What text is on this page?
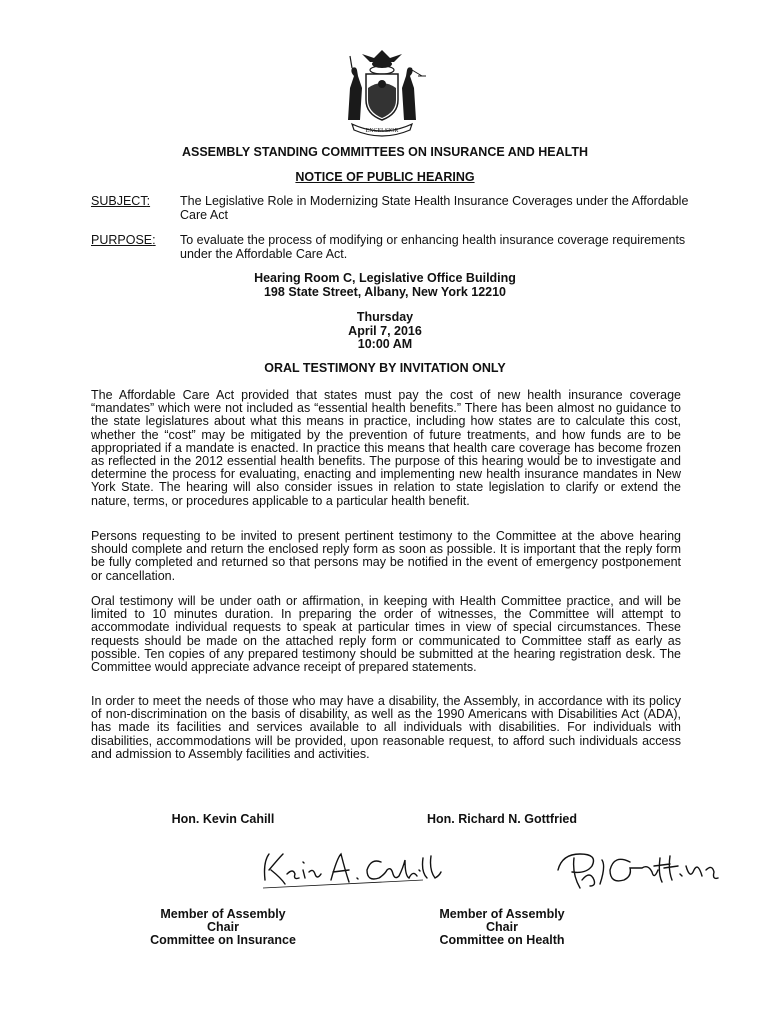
EXCELSIOR
ASSEMBLY STANDING COMMITTEES ON INSURANCE AND HEALTH
NOTICE OF PUBLIC HEARING
SUBJECT: The Legislative Role in Modernizing State Health Insurance Coverages under the Affordable Care Act
PURPOSE: To evaluate the process of modifying or enhancing health insurance coverage requirements under the Affordable Care Act.
Hearing Room C, Legislative Office Building
198 State Street, Albany, New York 12210
Thursday
April 7, 2016
10:00 AM
ORAL TESTIMONY BY INVITATION ONLY
The Affordable Care Act provided that states must pay the cost of new health insurance coverage “mandates” which were not included as “essential health benefits.” There has been almost no guidance to the state legislatures about what this means in practice, including how states are to calculate this cost, whether the “cost” may be mitigated by the prevention of future treatments, and how funds are to be appropriated if a mandate is enacted. In practice this means that health care coverage has become frozen as reflected in the 2012 essential health benefits. The purpose of this hearing would be to investigate and determine the process for evaluating, enacting and implementing new health insurance mandates in New York State. The hearing will also consider issues in relation to state legislation to clarify or extend the nature, terms, or procedures applicable to a particular health benefit.
Persons requesting to be invited to present pertinent testimony to the Committee at the above hearing should complete and return the enclosed reply form as soon as possible. It is important that the reply form be fully completed and returned so that persons may be notified in the event of emergency postponement or cancellation.
Oral testimony will be under oath or affirmation, in keeping with Health Committee practice, and will be limited to 10 minutes duration. In preparing the order of witnesses, the Committee will attempt to accommodate individual requests to speak at particular times in view of special circumstances. These requests should be made on the attached reply form or communicated to Committee staff as early as possible. Ten copies of any prepared testimony should be submitted at the hearing registration desk. The Committee would appreciate advance receipt of prepared statements.
In order to meet the needs of those who may have a disability, the Assembly, in accordance with its policy of non-discrimination on the basis of disability, as well as the 1990 Americans with Disabilities Act (ADA), has made its facilities and services available to all individuals with disabilities. For individuals with disabilities, accommodations will be provided, upon reasonable request, to afford such individuals access and admission to Assembly facilities and activities.
Hon. Kevin Cahill
Member of Assembly
Chair
Committee on Insurance
Hon. Richard N. Gottfried
Member of Assembly
Chair
Committee on Health
